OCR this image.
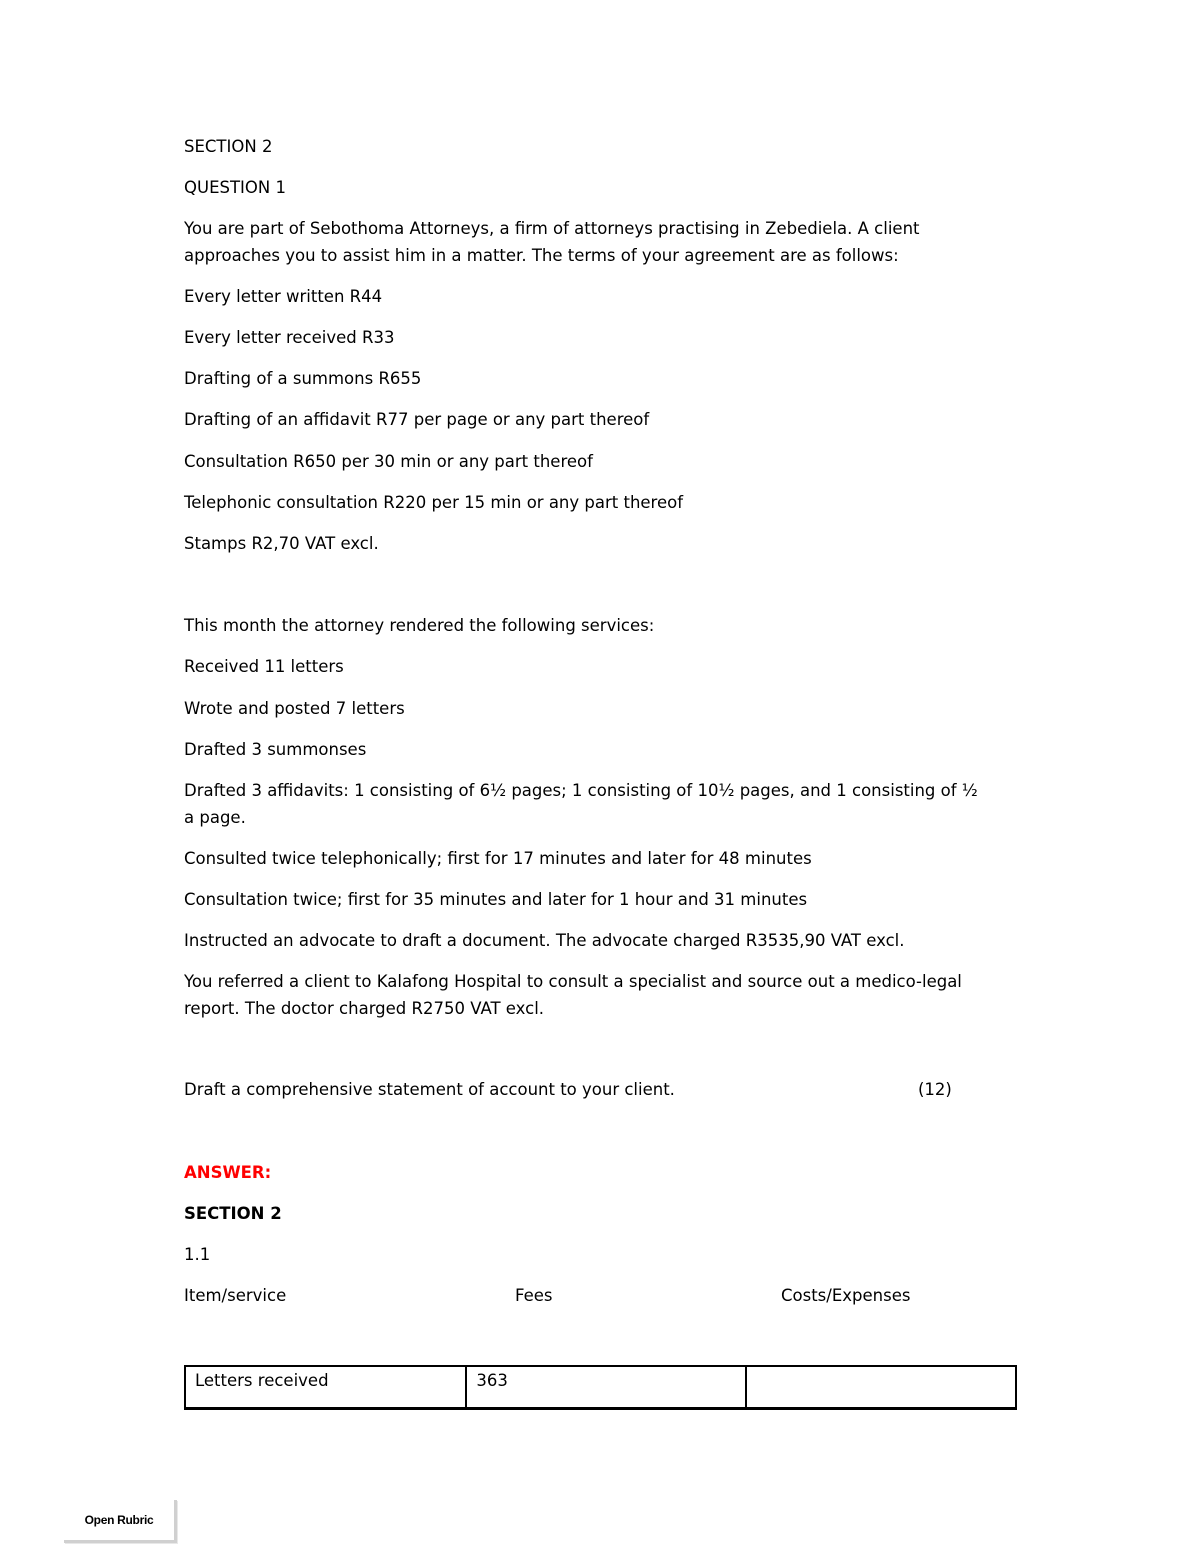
SECTION 2
QUESTION 1
You are part of Sebothoma Attorneys, a firm of attorneys practising in Zebediela. A client approaches you to assist him in a matter. The terms of your agreement are as follows:
Every letter written R44
Every letter received R33
Drafting of a summons R655
Drafting of an affidavit R77 per page or any part thereof
Consultation R650 per 30 min or any part thereof
Telephonic consultation R220 per 15 min or any part thereof
Stamps R2,70 VAT excl.
This month the attorney rendered the following services:
Received 11 letters
Wrote and posted 7 letters
Drafted 3 summonses
Drafted 3 affidavits: 1 consisting of 6½ pages; 1 consisting of 10½ pages, and 1 consisting of ½ a page.
Consulted twice telephonically; first for 17 minutes and later for 48 minutes
Consultation twice; first for 35 minutes and later for 1 hour and 31 minutes
Instructed an advocate to draft a document. The advocate charged R3535,90 VAT excl.
You referred a client to Kalafong Hospital to consult a specialist and source out a medico-legal report. The doctor charged R2750 VAT excl.
Draft a comprehensive statement of account to your client.	(12)
ANSWER:
SECTION 2
1.1
Item/service	Fees	Costs/Expenses
Letters received	363	
Open Rubric
